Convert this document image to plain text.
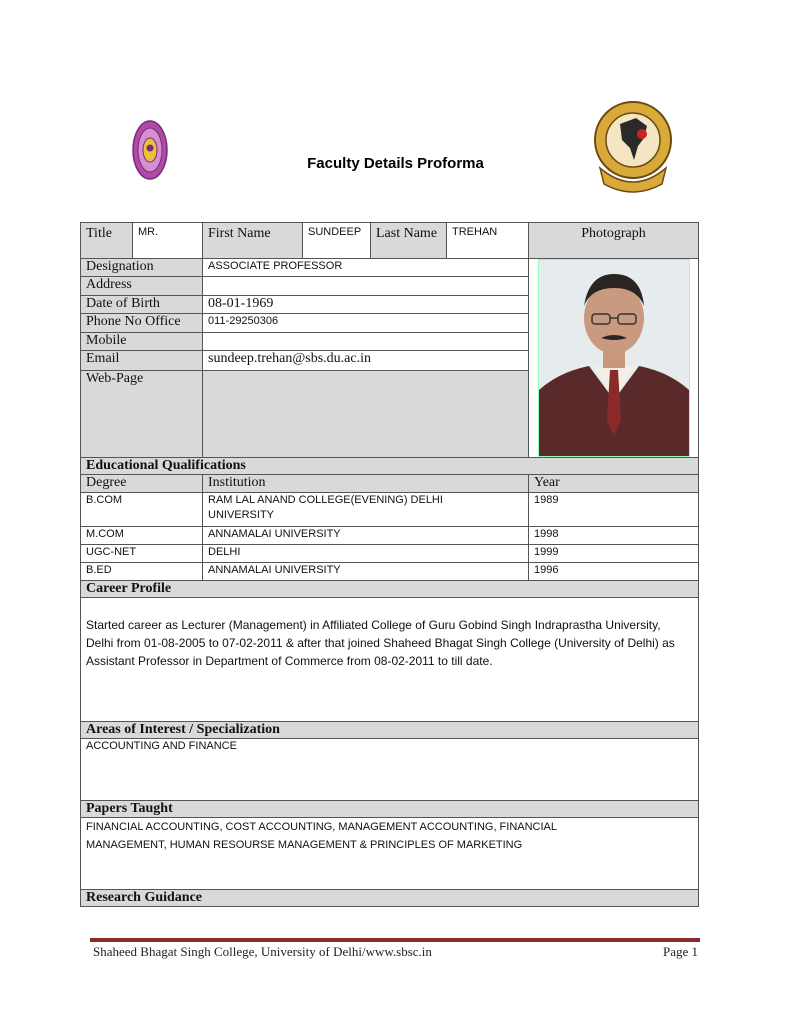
Faculty Details Proforma
Title	MR.	First Name	SUNDEEP	Last Name	TREHAN	Photograph
Designation		ASSOCIATE PROFESSOR	

Address						
Date of Birth		08-01-1969				
Phone No Office		011-29250306				
Mobile						
Email		sundeep.trehan@sbs.du.ac.in				
Web-Page						
Educational Qualifications						
Degree		Institution				Year
B.COM		RAM LAL ANAND COLLEGE(EVENING) DELHI UNIVERSITY				1989
M.COM		ANNAMALAI UNIVERSITY				1998
UGC-NET		DELHI				1999
B.ED		ANNAMALAI UNIVERSITY				1996
Career Profile						
Started career as Lecturer (Management) in Affiliated College of Guru Gobind Singh Indraprastha University, Delhi from 01-08-2005 to 07-02-2011 & after that joined Shaheed Bhagat Singh College (University of Delhi) as Assistant Professor in Department of Commerce from 08-02-2011 to till date.						
Areas of Interest / Specialization						
ACCOUNTING AND FINANCE						
Papers Taught						
FINANCIAL ACCOUNTING, COST ACCOUNTING, MANAGEMENT ACCOUNTING, FINANCIAL MANAGEMENT, HUMAN RESOURSE MANAGEMENT & PRINCIPLES OF MARKETING						
Research Guidance						
Shaheed Bhagat Singh College, University of Delhi/www.sbsc.in	Page 1
